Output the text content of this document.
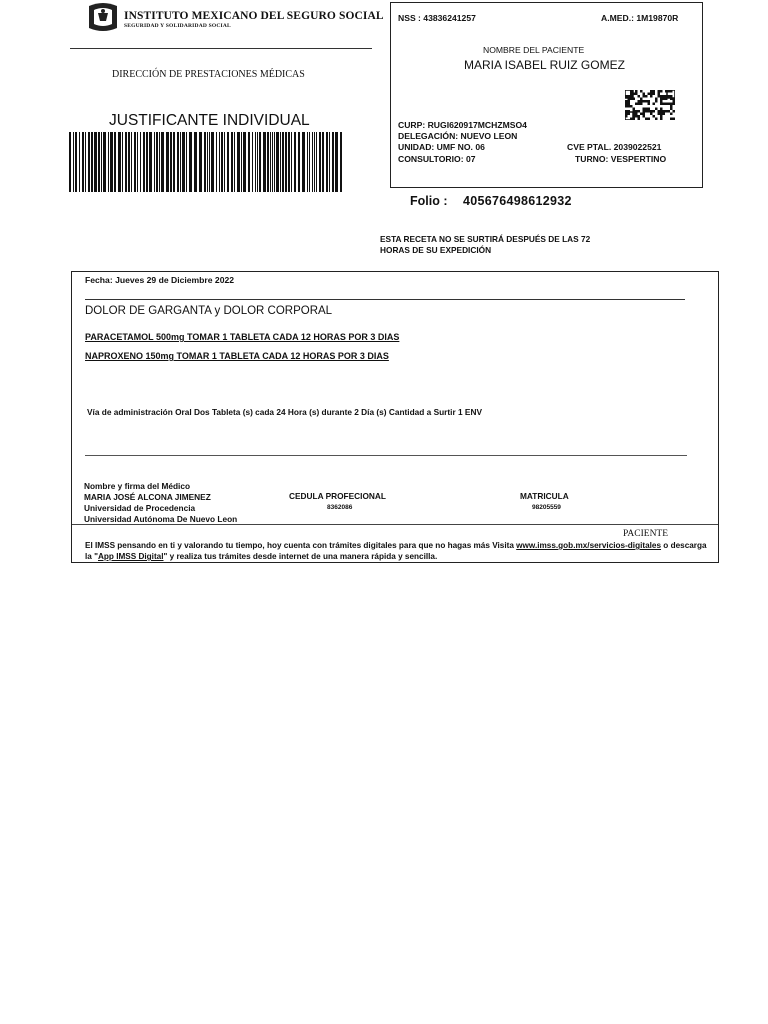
INSTITUTO MEXICANO DEL SEGURO SOCIAL
SEGURIDAD Y SOLIDARIDAD SOCIAL
DIRECCIÓN DE PRESTACIONES MÉDICAS
JUSTIFICANTE INDIVIDUAL
NSS : 43836241257	A.MED.: 1M19870R
NOMBRE DEL PACIENTE
MARIA ISABEL RUIZ GOMEZ
CURP: RUGI620917MCHZMSO4
DELEGACIÓN: NUEVO LEON
UNIDAD: UMF NO. 06	CVE PTAL. 2039022521
CONSULTORIO: 07	TURNO: VESPERTINO
Folio : 405676498612932
ESTA RECETA NO SE SURTIRÁ DESPUÉS DE LAS 72 HORAS DE SU EXPEDICIÓN
Fecha: Jueves 29 de Diciembre 2022
DOLOR DE GARGANTA y DOLOR CORPORAL
PARACETAMOL 500mg TOMAR 1 TABLETA CADA 12 HORAS POR 3 DIAS
NAPROXENO 150mg TOMAR 1 TABLETA CADA 12 HORAS POR 3 DIAS
Vía de administración Oral Dos Tableta (s) cada 24 Hora (s) durante 2 Día (s) Cantidad a Surtir 1 ENV
Nombre y firma del Médico
MARIA JOSÉ ALCONA JIMENEZ
Universidad de Procedencia
Universidad Autónoma De Nuevo Leon
CEDULA PROFECIONAL
8362086
MATRICULA
98205559
PACIENTE
El IMSS pensando en ti y valorando tu tiempo, hoy cuenta con trámites digitales para que no hagas más Visita www.imss.gob.mx/servicios-digitales o descarga la "App IMSS Digital" y realiza tus trámites desde internet de una manera rápida y sencilla.
